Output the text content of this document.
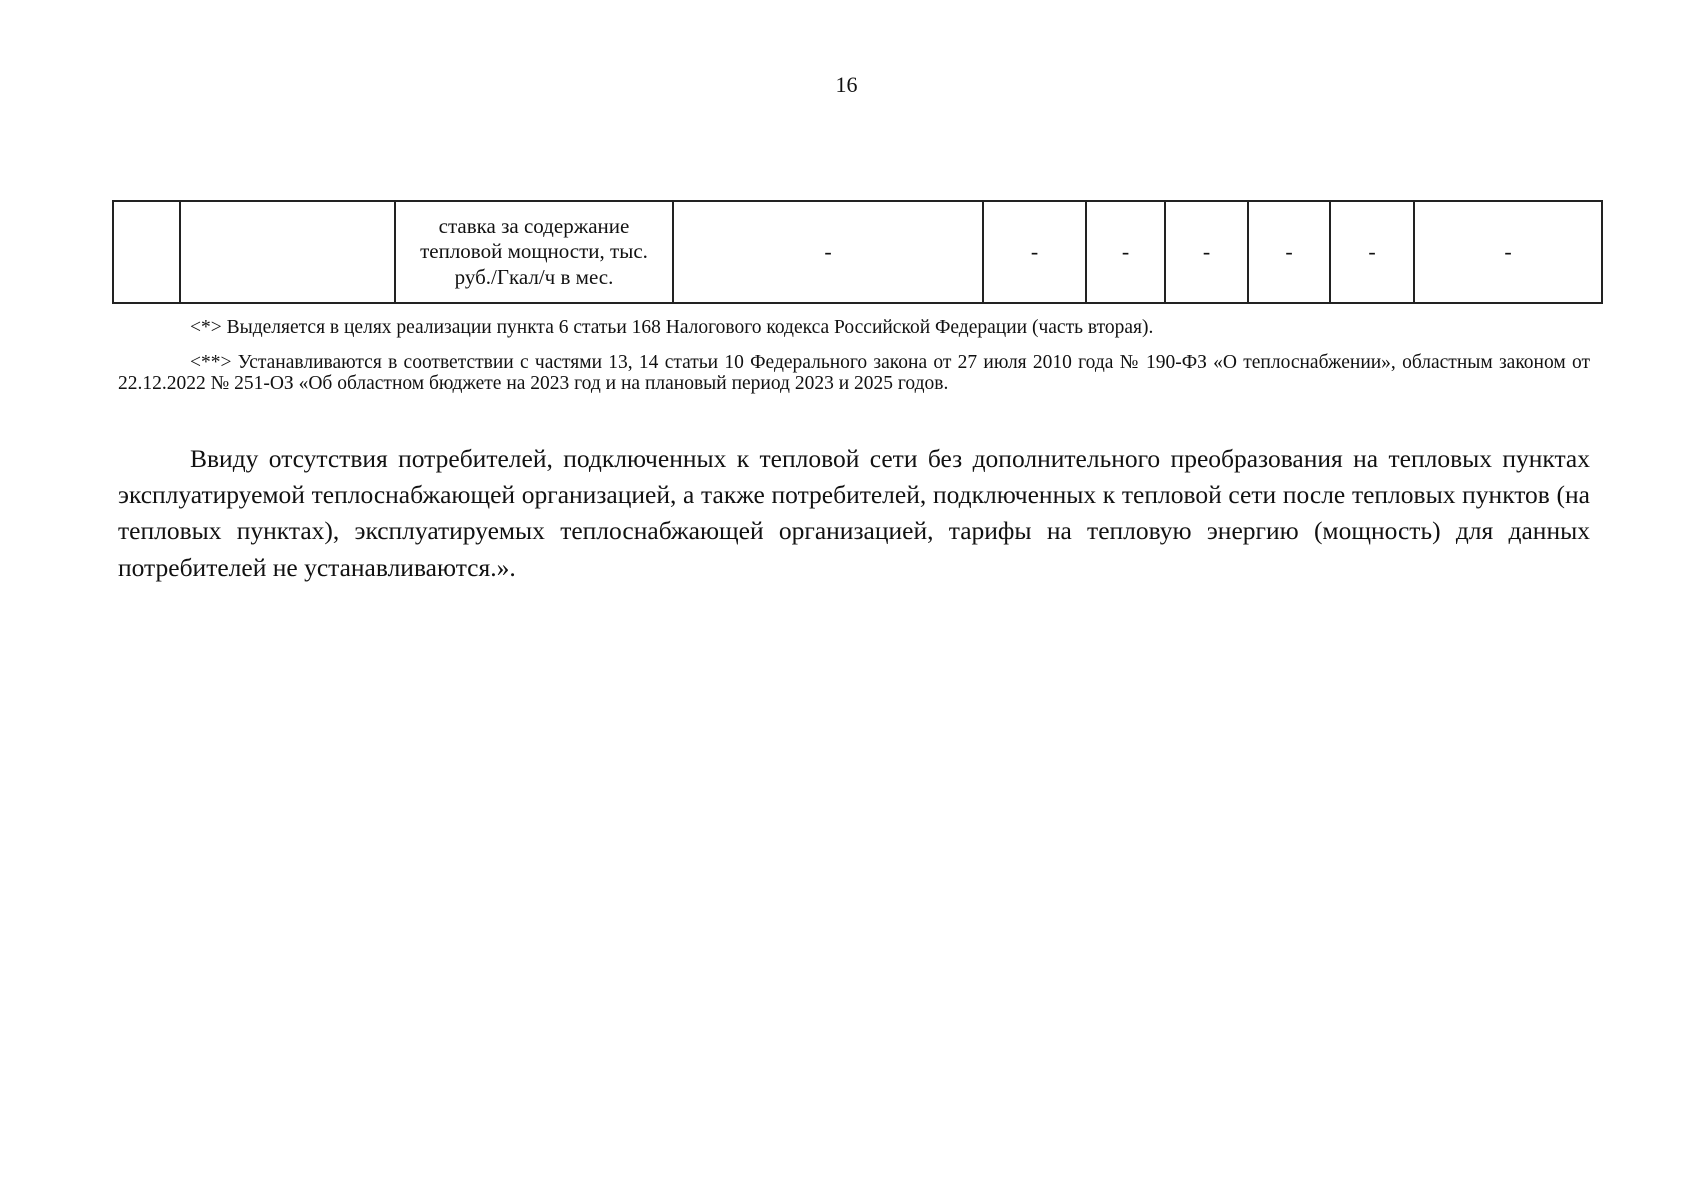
16
		ставка за содержание тепловой мощности, тыс. руб./Гкал/ч в мес.	-	-	-	-	-	-	-

<*> Выделяется в целях реализации пункта 6 статьи 168 Налогового кодекса Российской Федерации (часть вторая).

<**> Устанавливаются в соответствии с частями 13, 14 статьи 10 Федерального закона от 27 июля 2010 года № 190-ФЗ «О теплоснабжении», областным законом от 22.12.2022 № 251-ОЗ «Об областном бюджете на 2023 год и на плановый период 2023 и 2025 годов.

Ввиду отсутствия потребителей, подключенных к тепловой сети без дополнительного преобразования на тепловых пунктах эксплуатируемой теплоснабжающей организацией, а также потребителей, подключенных к тепловой сети после тепловых пунктов (на тепловых пунктах), эксплуатируемых теплоснабжающей организацией, тарифы на тепловую энергию (мощность) для данных потребителей не устанавливаются.».
